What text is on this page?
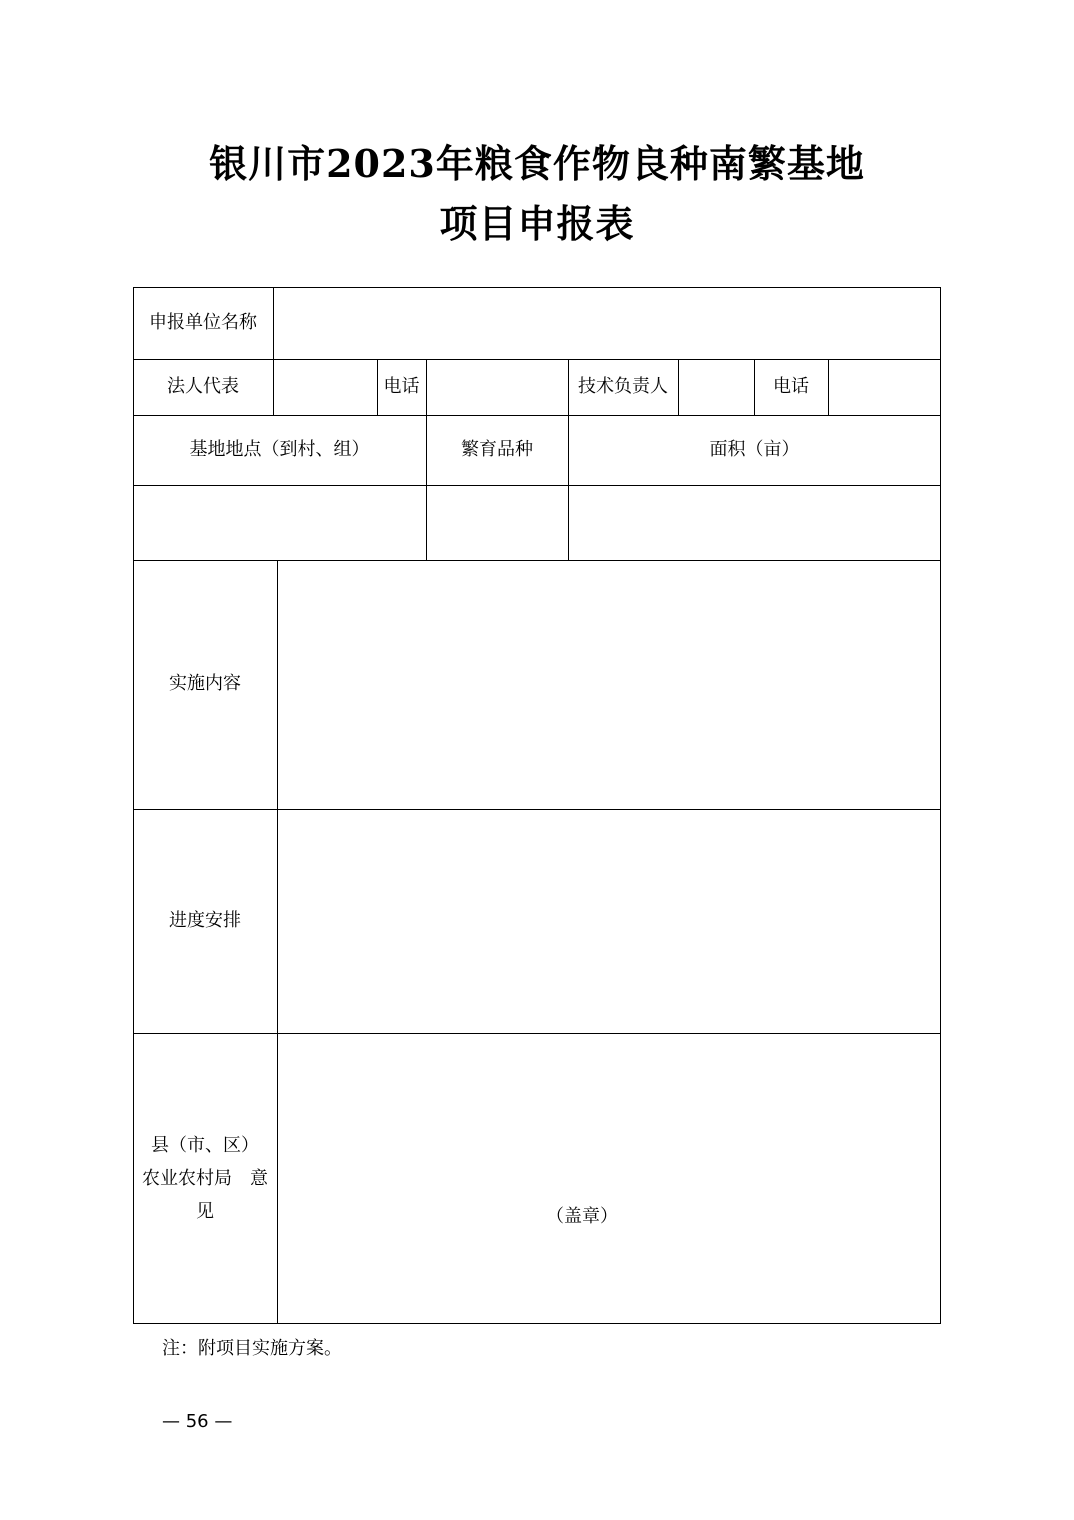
银川市2023年粮食作物良种南繁基地
项目申报表
申报单位名称
法人代表	电话	技术负责人	电话
基地地点（到村、组）	繁育品种	面积（亩）
实施内容
进度安排
县（市、区）
农业农村局　意
见	（盖章）
注：附项目实施方案。
— 56 —
